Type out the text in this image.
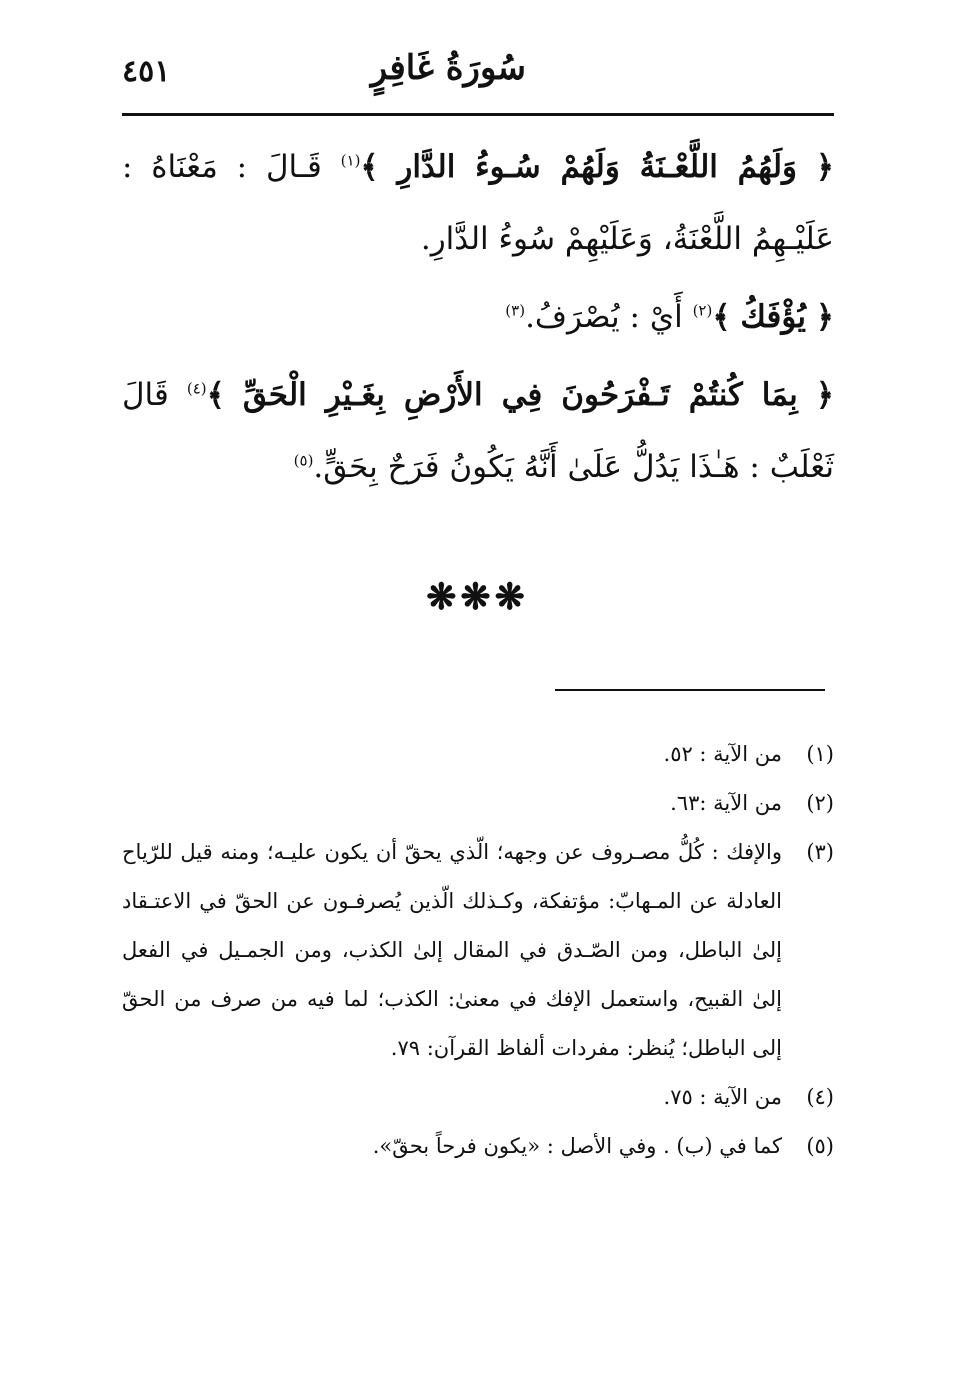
سُورَةُ غَافِرٍ
٤٥١

﴿ وَلَهُمُ اللَّعْـنَةُ وَلَهُمْ سُـوءُ الدَّارِ ﴾$^{(١)}$ قَـالَ : مَعْنَاهُ : عَلَيْـهِمُ اللَّعْنَةُ، وَعَلَيْهِمْ سُوءُ الدَّارِ.

﴿ يُؤْفَكُ ﴾$^{(٢)}$ أَيْ : يُصْرَفُ.$^{(٣)}$

﴿ بِمَا كُنتُمْ تَـفْرَحُونَ فِي الأَرْضِ بِغَـيْرِ الْحَقِّ ﴾$^{(٤)}$ قَالَ ثَعْلَبٌ : هَـٰذَا يَدُلُّ عَلَىٰ أَنَّهُ يَكُونُ فَرَحٌ بِحَقٍّ.$^{(٥)}$

❋❋❋
(١)
من الآية : ٥٢.
(٢)
من الآية :٦٣.
(٣)
والإفك : كُلُّ مصـروف عن وجهه؛ الّذي يحقّ أن يكون عليـه؛ ومنه قيل للرّياح العادلة عن المـهابّ: مؤتفكة، وكـذلك الّذين يُصرفـون عن الحقّ في الاعتـقاد إلىٰ الباطل، ومن الصّـدق في المقال إلىٰ الكذب، ومن الجمـيل في الفعل إلىٰ القبيح، واستعمل الإفك في معنىٰ: الكذب؛ لما فيه من صرف من الحقّ إلى الباطل؛ يُنظر: مفردات ألفاظ القرآن: ٧٩.
(٤)
من الآية : ٧٥.
(٥)
كما في (ب) . وفي الأصل : «يكون فرحاً بحقّ».
